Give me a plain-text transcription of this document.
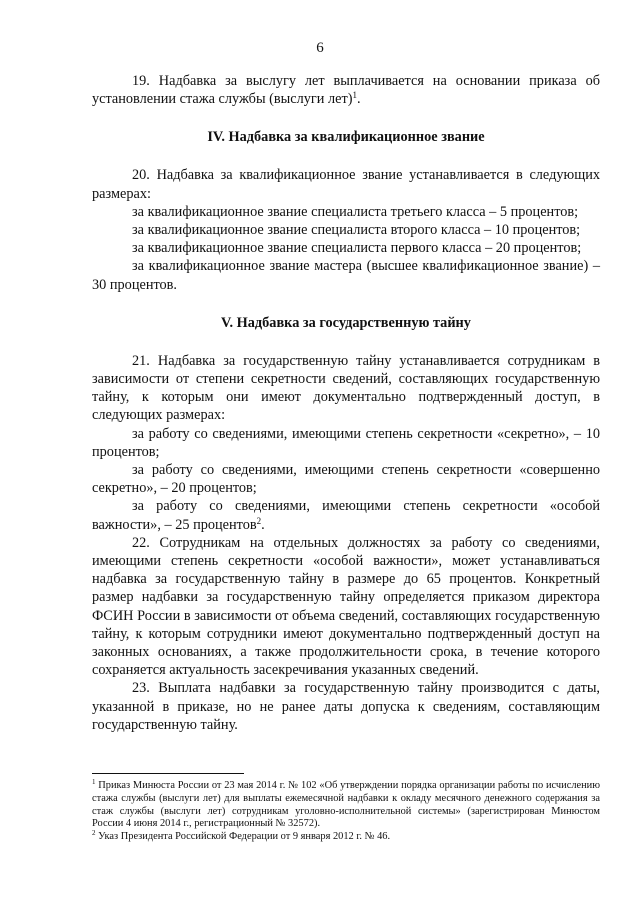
6

19. Надбавка за выслугу лет выплачивается на основании приказа об установлении стажа службы (выслуги лет)$^1$.

IV. Надбавка за квалификационное звание

20. Надбавка за квалификационное звание устанавливается в следующих размерах:

за квалификационное звание специалиста третьего класса – 5 процентов;

за квалификационное звание специалиста второго класса – 10 процентов;

за квалификационное звание специалиста первого класса – 20 процентов;

за квалификационное звание мастера (высшее квалификационное звание) – 30 процентов.

V. Надбавка за государственную тайну

21. Надбавка за государственную тайну устанавливается сотрудникам в зависимости от степени секретности сведений, составляющих государственную тайну, к которым они имеют документально подтвержденный доступ, в следующих размерах:

за работу со сведениями, имеющими степень секретности «секретно», – 10 процентов;

за работу со сведениями, имеющими степень секретности «совершенно секретно», – 20 процентов;

за работу со сведениями, имеющими степень секретности «особой важности», – 25 процентов$^2$.

22. Сотрудникам на отдельных должностях за работу со сведениями, имеющими степень секретности «особой важности», может устанавливаться надбавка за государственную тайну в размере до 65 процентов. Конкретный размер надбавки за государственную тайну определяется приказом директора ФСИН России в зависимости от объема сведений, составляющих государственную тайну, к которым сотрудники имеют документально подтвержденный доступ на законных основаниях, а также продолжительности срока, в течение которого сохраняется актуальность засекречивания указанных сведений.

23. Выплата надбавки за государственную тайну производится с даты, указанной в приказе, но не ранее даты допуска к сведениям, составляющим государственную тайну.

$^1$ Приказ Минюста России от 23 мая 2014 г. № 102 «Об утверждении порядка организации работы по исчислению стажа службы (выслуги лет) для выплаты ежемесячной надбавки к окладу месячного денежного содержания за стаж службы (выслуги лет) сотрудникам уголовно-исполнительной системы» (зарегистрирован Минюстом России 4 июня 2014 г., регистрационный № 32572).

$^2$ Указ Президента Российской Федерации от 9 января 2012 г. № 46.
